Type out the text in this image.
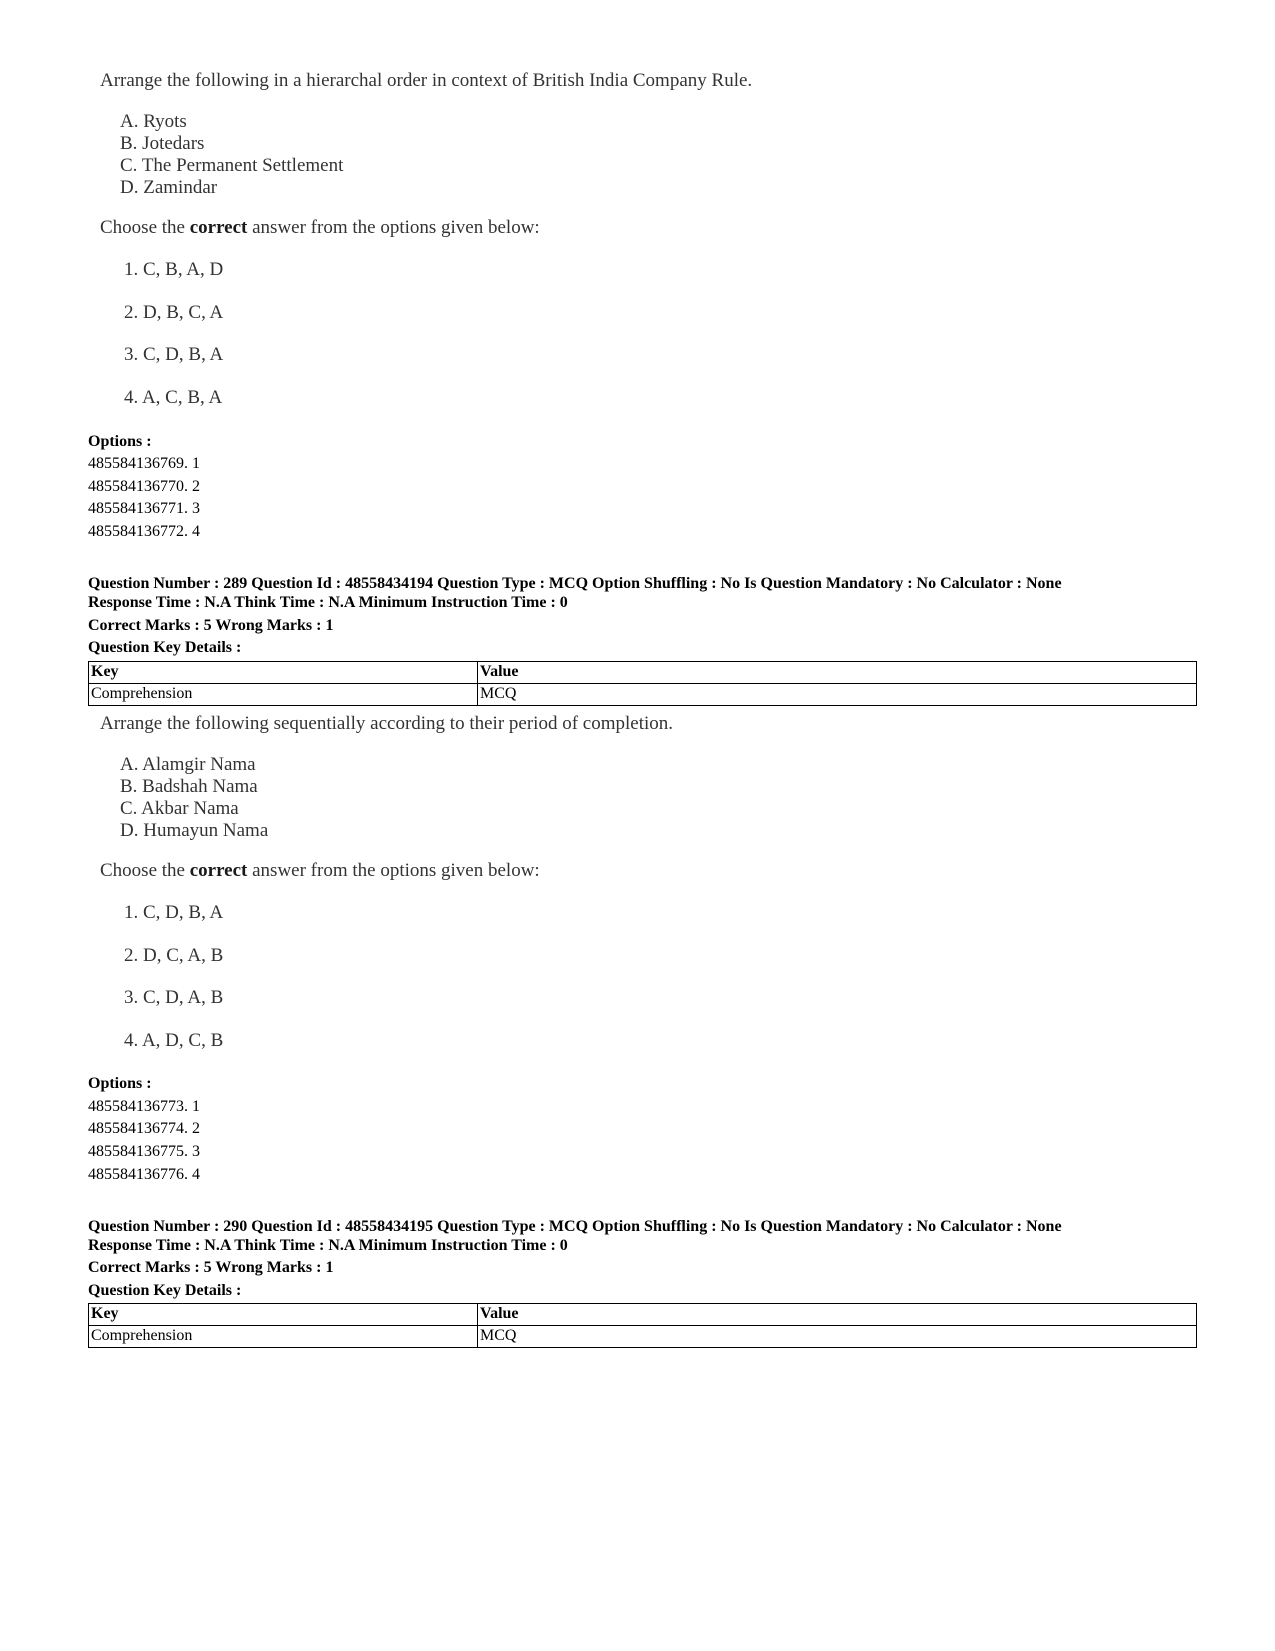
Arrange the following in a hierarchal order in context of British India Company Rule.
A. Ryots
B. Jotedars
C. The Permanent Settlement
D. Zamindar
Choose the correct answer from the options given below:
1. C, B, A, D
2. D, B, C, A
3. C, D, B, A
4. A, C, B, A
Options :
485584136769. 1
485584136770. 2
485584136771. 3
485584136772. 4
Question Number : 289 Question Id : 48558434194 Question Type : MCQ Option Shuffling : No Is Question Mandatory : No Calculator : None
Response Time : N.A Think Time : N.A Minimum Instruction Time : 0
Correct Marks : 5 Wrong Marks : 1
Question Key Details :
Key	Value
Comprehension	MCQ
Arrange the following sequentially according to their period of completion.
A. Alamgir Nama
B. Badshah Nama
C. Akbar Nama
D. Humayun Nama
Choose the correct answer from the options given below:
1. C, D, B, A
2. D, C, A, B
3. C, D, A, B
4. A, D, C, B
Options :
485584136773. 1
485584136774. 2
485584136775. 3
485584136776. 4
Question Number : 290 Question Id : 48558434195 Question Type : MCQ Option Shuffling : No Is Question Mandatory : No Calculator : None
Response Time : N.A Think Time : N.A Minimum Instruction Time : 0
Correct Marks : 5 Wrong Marks : 1
Question Key Details :
Key	Value
Comprehension	MCQ
